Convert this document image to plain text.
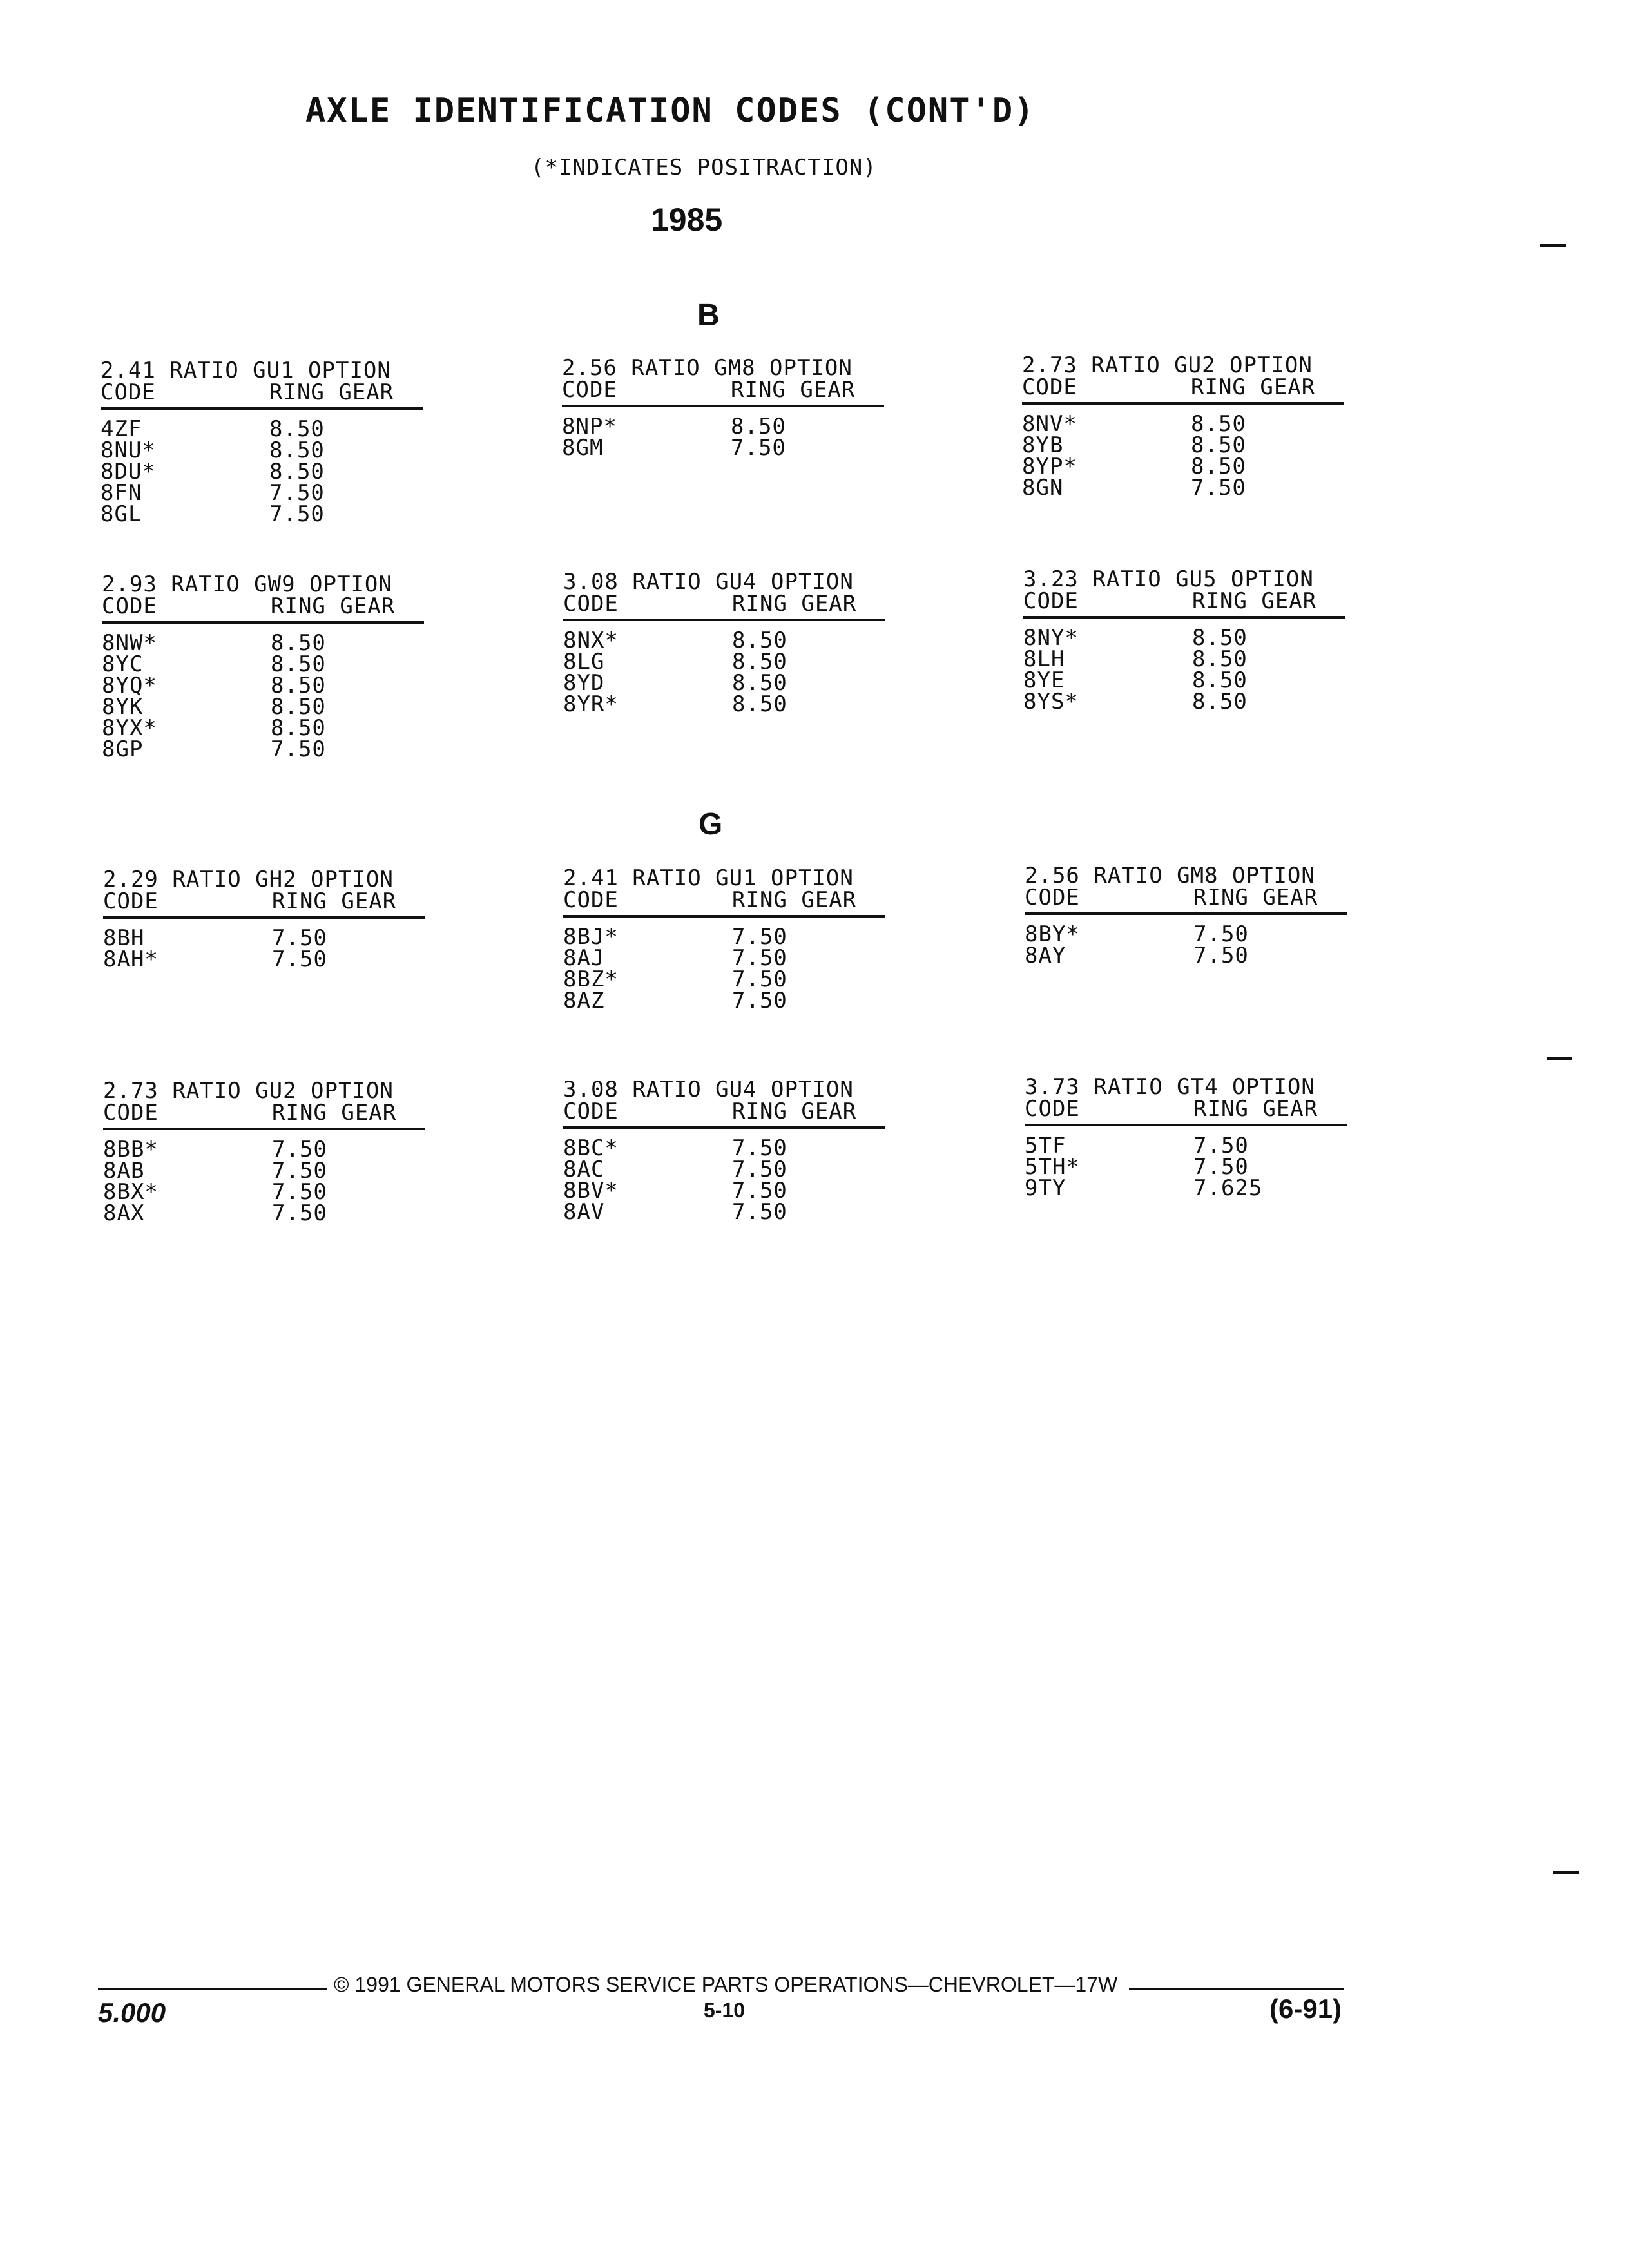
AXLE IDENTIFICATION CODES (CONT'D)
(*INDICATES POSITRACTION)
1985
B
2.41 RATIO GU1 OPTION
CODE	RING GEAR
4ZF	8.50
8NU*	8.50
8DU*	8.50
8FN	7.50
8GL	7.50
2.56 RATIO GM8 OPTION
CODE	RING GEAR
8NP*	8.50
8GM	7.50
2.73 RATIO GU2 OPTION
CODE	RING GEAR
8NV*	8.50
8YB	8.50
8YP*	8.50
8GN	7.50
2.93 RATIO GW9 OPTION
CODE	RING GEAR
8NW*	8.50
8YC	8.50
8YQ*	8.50
8YK	8.50
8YX*	8.50
8GP	7.50
3.08 RATIO GU4 OPTION
CODE	RING GEAR
8NX*	8.50
8LG	8.50
8YD	8.50
8YR*	8.50
3.23 RATIO GU5 OPTION
CODE	RING GEAR
8NY*	8.50
8LH	8.50
8YE	8.50
8YS*	8.50
G
2.29 RATIO GH2 OPTION
CODE	RING GEAR
8BH	7.50
8AH*	7.50
2.41 RATIO GU1 OPTION
CODE	RING GEAR
8BJ*	7.50
8AJ	7.50
8BZ*	7.50
8AZ	7.50
2.56 RATIO GM8 OPTION
CODE	RING GEAR
8BY*	7.50
8AY	7.50
2.73 RATIO GU2 OPTION
CODE	RING GEAR
8BB*	7.50
8AB	7.50
8BX*	7.50
8AX	7.50
3.08 RATIO GU4 OPTION
CODE	RING GEAR
8BC*	7.50
8AC	7.50
8BV*	7.50
8AV	7.50
3.73 RATIO GT4 OPTION
CODE	RING GEAR
5TF	7.50
5TH*	7.50
9TY	7.625
© 1991 GENERAL MOTORS SERVICE PARTS OPERATIONS—CHEVROLET—17W
5.000	5-10	(6-91)
